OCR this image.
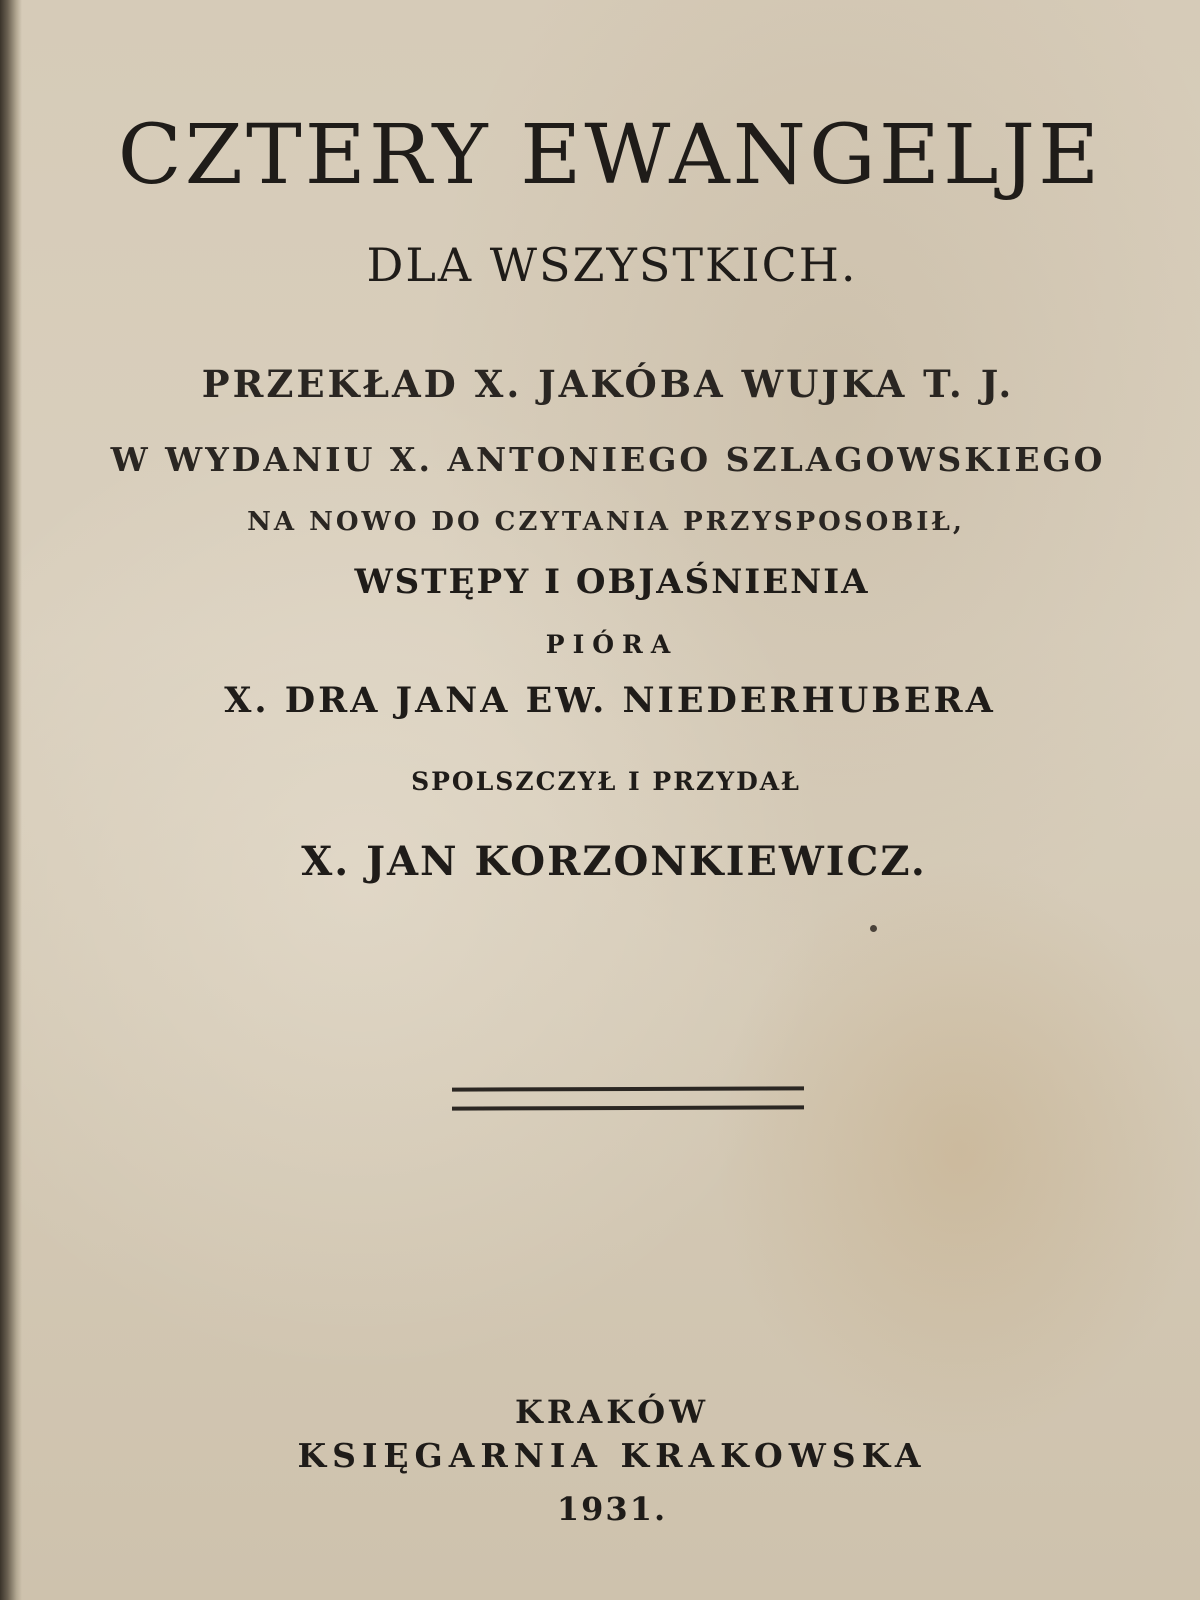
CZTERY EWANGELJE
DLA WSZYSTKICH.
PRZEKŁAD X. JAKÓBA WUJKA T. J.
W WYDANIU X. ANTONIEGO SZLAGOWSKIEGO
NA NOWO DO CZYTANIA PRZYSPOSOBIŁ,
WSTĘPY I OBJAŚNIENIA
PIÓRA
X. DRA JANA EW. NIEDERHUBERA
SPOLSZCZYŁ I PRZYDAŁ
X. JAN KORZONKIEWICZ.
KRAKÓW
KSIĘGARNIA KRAKOWSKA
1931.
